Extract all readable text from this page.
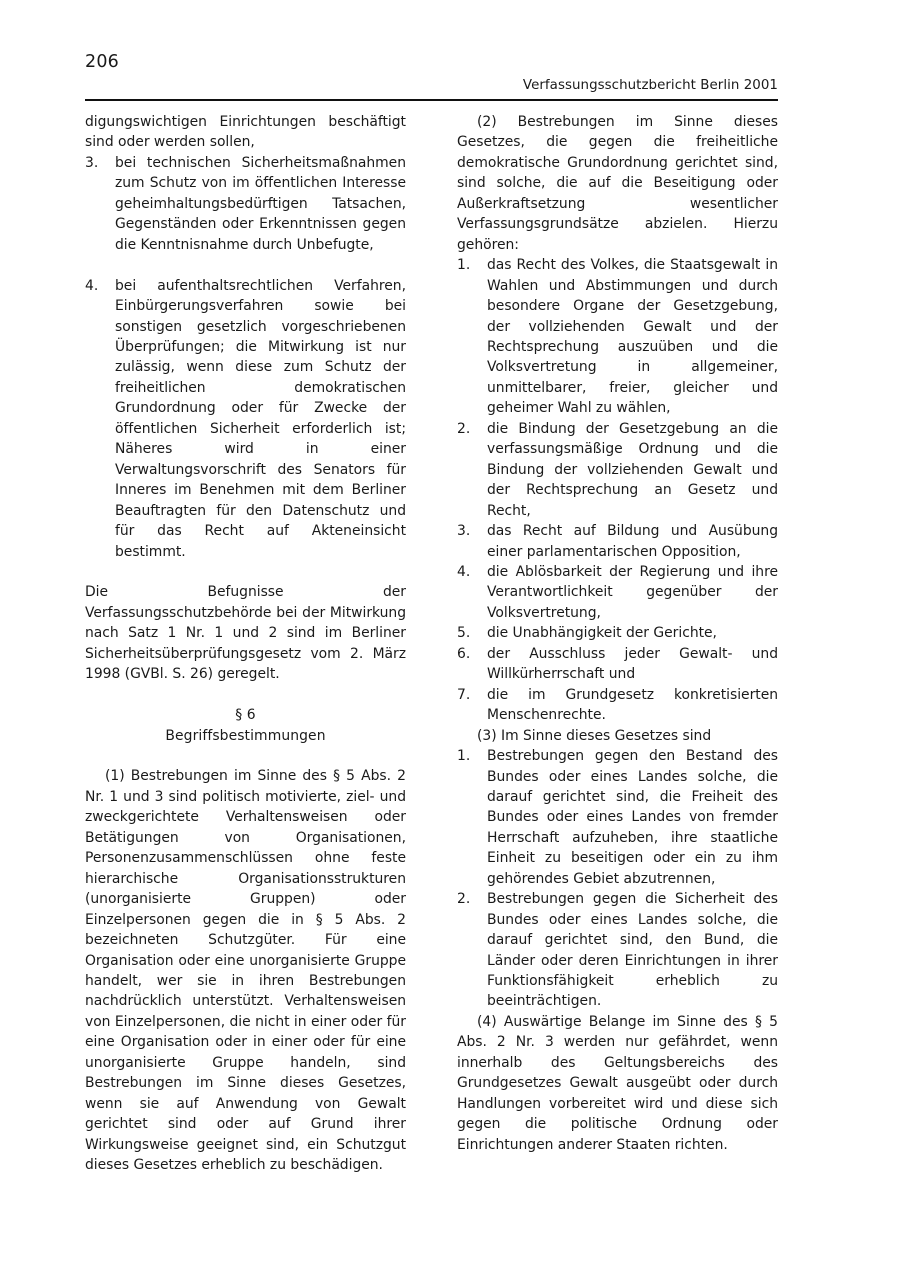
206
Verfassungsschutzbericht Berlin 2001

digungswichtigen Einrichtungen beschäftigt sind oder werden sollen,

3.	bei technischen Sicherheitsmaßnahmen zum Schutz von im öffentlichen Interesse geheimhaltungsbedürftigen Tatsachen, Gegenständen oder Erkenntnissen gegen die Kenntnisnahme durch Unbefugte,
4.	bei aufenthaltsrechtlichen Verfahren, Einbürgerungsverfahren sowie bei sonstigen gesetzlich vorgeschriebenen Überprüfungen; die Mitwirkung ist nur zulässig, wenn diese zum Schutz der freiheitlichen demokratischen Grundordnung oder für Zwecke der öffentlichen Sicherheit erforderlich ist; Näheres wird in einer Verwaltungsvorschrift des Senators für Inneres im Benehmen mit dem Berliner Beauftragten für den Datenschutz und für das Recht auf Akteneinsicht bestimmt.

Die Befugnisse der Verfassungsschutzbehörde bei der Mitwirkung nach Satz 1 Nr. 1 und 2 sind im Berliner Sicherheitsüberprüfungsgesetz vom 2. März 1998 (GVBl. S. 26) geregelt.

§ 6
Begriffsbestimmungen

(1) Bestrebungen im Sinne des § 5 Abs. 2 Nr. 1 und 3 sind politisch motivierte, ziel- und zweckgerichtete Verhaltensweisen oder Betätigungen von Organisationen, Personenzusammenschlüssen ohne feste hierarchische Organisationsstrukturen (unorganisierte Gruppen) oder Einzelpersonen gegen die in § 5 Abs. 2 bezeichneten Schutzgüter. Für eine Organisation oder eine unorganisierte Gruppe handelt, wer sie in ihren Bestrebungen nachdrücklich unterstützt. Verhaltensweisen von Einzelpersonen, die nicht in einer oder für eine Organisation oder in einer oder für eine unorganisierte Gruppe handeln, sind Bestrebungen im Sinne dieses Gesetzes, wenn sie auf Anwendung von Gewalt gerichtet sind oder auf Grund ihrer Wirkungsweise geeignet sind, ein Schutzgut dieses Gesetzes erheblich zu beschädigen.

(2) Bestrebungen im Sinne dieses Gesetzes, die gegen die freiheitliche demokratische Grundordnung gerichtet sind, sind solche, die auf die Beseitigung oder Außerkraftsetzung wesentlicher Verfassungsgrundsätze abzielen. Hierzu gehören:

1.	das Recht des Volkes, die Staatsgewalt in Wahlen und Abstimmungen und durch besondere Organe der Gesetzgebung, der vollziehenden Gewalt und der Rechtsprechung auszuüben und die Volksvertretung in allgemeiner, unmittelbarer, freier, gleicher und geheimer Wahl zu wählen,
2.	die Bindung der Gesetzgebung an die verfassungsmäßige Ordnung und die Bindung der vollziehenden Gewalt und der Rechtsprechung an Gesetz und Recht,
3.	das Recht auf Bildung und Ausübung einer parlamentarischen Opposition,
4.	die Ablösbarkeit der Regierung und ihre Verantwortlichkeit gegenüber der Volksvertretung,
5.	die Unabhängigkeit der Gerichte,
6.	der Ausschluss jeder Gewalt- und Willkürherrschaft und
7.	die im Grundgesetz konkretisierten Menschenrechte.

(3) Im Sinne dieses Gesetzes sind

1.	Bestrebungen gegen den Bestand des Bundes oder eines Landes solche, die darauf gerichtet sind, die Freiheit des Bundes oder eines Landes von fremder Herrschaft aufzuheben, ihre staatliche Einheit zu beseitigen oder ein zu ihm gehörendes Gebiet abzutrennen,
2.	Bestrebungen gegen die Sicherheit des Bundes oder eines Landes solche, die darauf gerichtet sind, den Bund, die Länder oder deren Einrichtungen in ihrer Funktionsfähigkeit erheblich zu beeinträchtigen.

(4) Auswärtige Belange im Sinne des § 5 Abs. 2 Nr. 3 werden nur gefährdet, wenn innerhalb des Geltungsbereichs des Grundgesetzes Gewalt ausgeübt oder durch Handlungen vorbereitet wird und diese sich gegen die politische Ordnung oder Einrichtungen anderer Staaten richten.
